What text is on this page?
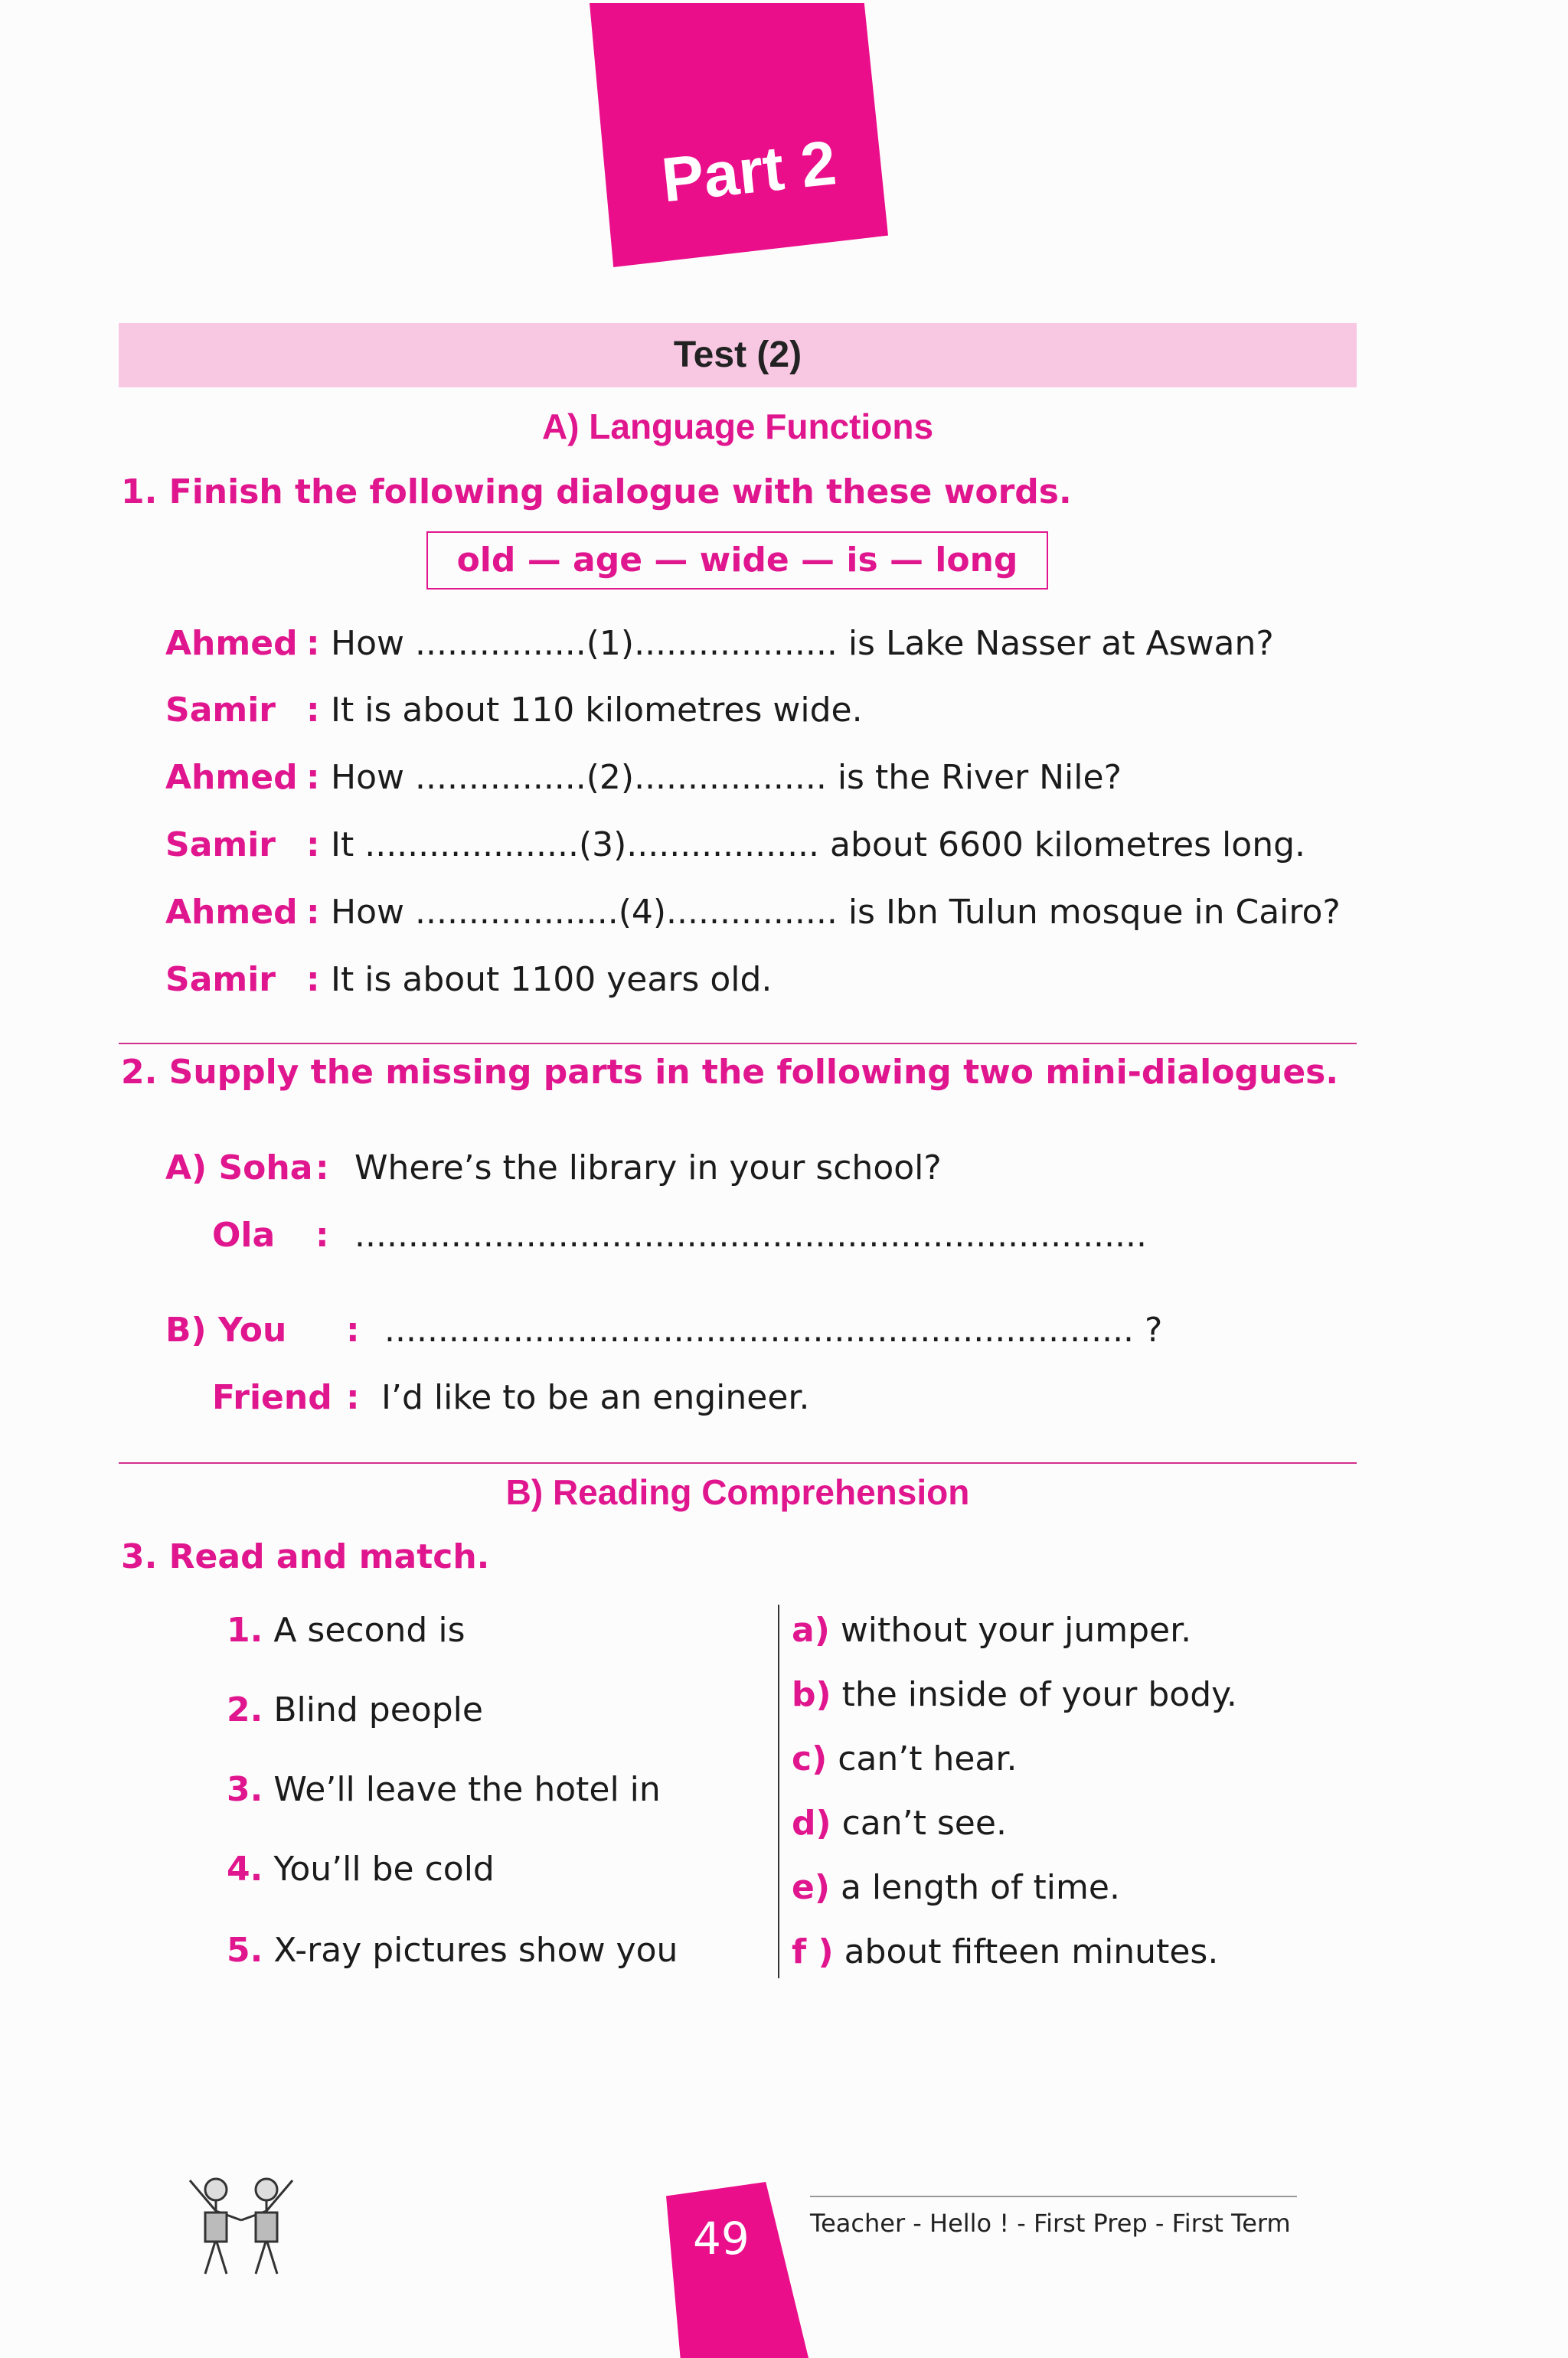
Part 2
Test (2)
A) Language Functions
1. Finish the following dialogue with these words.
old — age — wide — is — long
Ahmed : How ................(1)................... is Lake Nasser at Aswan?
Samir : It is about 110 kilometres wide.
Ahmed : How ................(2).................. is the River Nile?
Samir : It ....................(3).................. about 6600 kilometres long.
Ahmed : How ...................(4)................ is Ibn Tulun mosque in Cairo?
Samir : It is about 1100 years old.
2. Supply the missing parts in the following two mini-dialogues.
A) Soha : Where’s the library in your school?
Ola : ..........................................................................
B) You : ...................................................................... ?
Friend : I’d like to be an engineer.
B) Reading Comprehension
3. Read and match.
1. A second is
2. Blind people
3. We’ll leave the hotel in
4. You’ll be cold
5. X-ray pictures show you
a) without your jumper.
b) the inside of your body.
c) can’t hear.
d) can’t see.
e) a length of time.
f ) about fifteen minutes.
49 Teacher - Hello ! - First Prep - First Term
